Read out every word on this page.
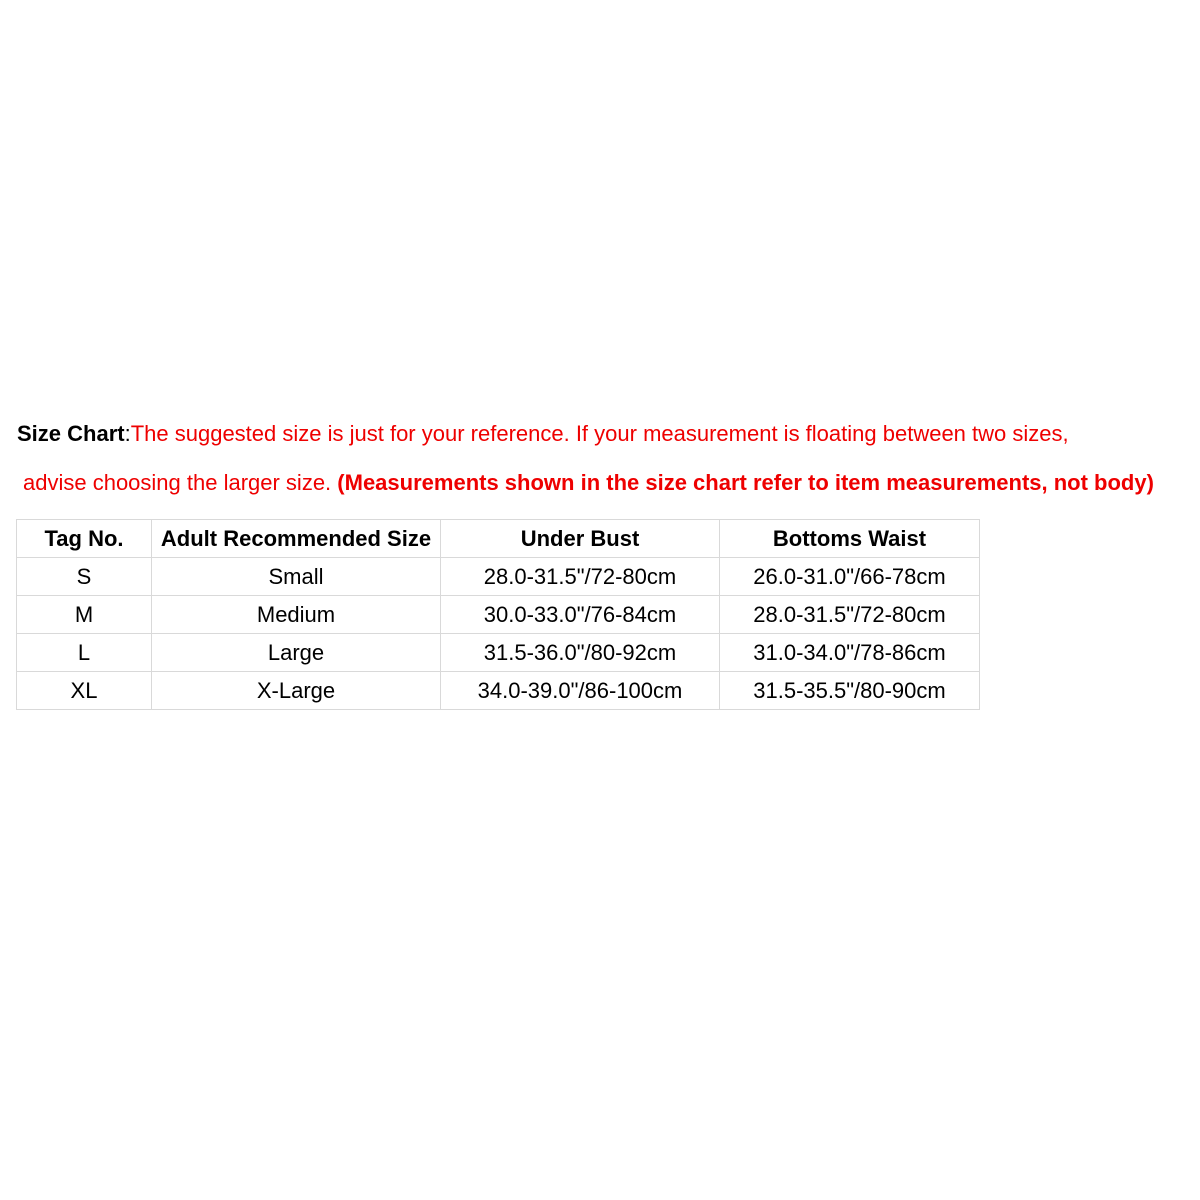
Size Chart:The suggested size is just for your reference. If your measurement is floating between two sizes,
advise choosing the larger size. (Measurements shown in the size chart refer to item measurements, not body)
Tag No.	Adult Recommended Size	Under Bust	Bottoms Waist
S	Small	28.0-31.5"/72-80cm	26.0-31.0"/66-78cm
M	Medium	30.0-33.0"/76-84cm	28.0-31.5"/72-80cm
L	Large	31.5-36.0"/80-92cm	31.0-34.0"/78-86cm
XL	X-Large	34.0-39.0"/86-100cm	31.5-35.5"/80-90cm
